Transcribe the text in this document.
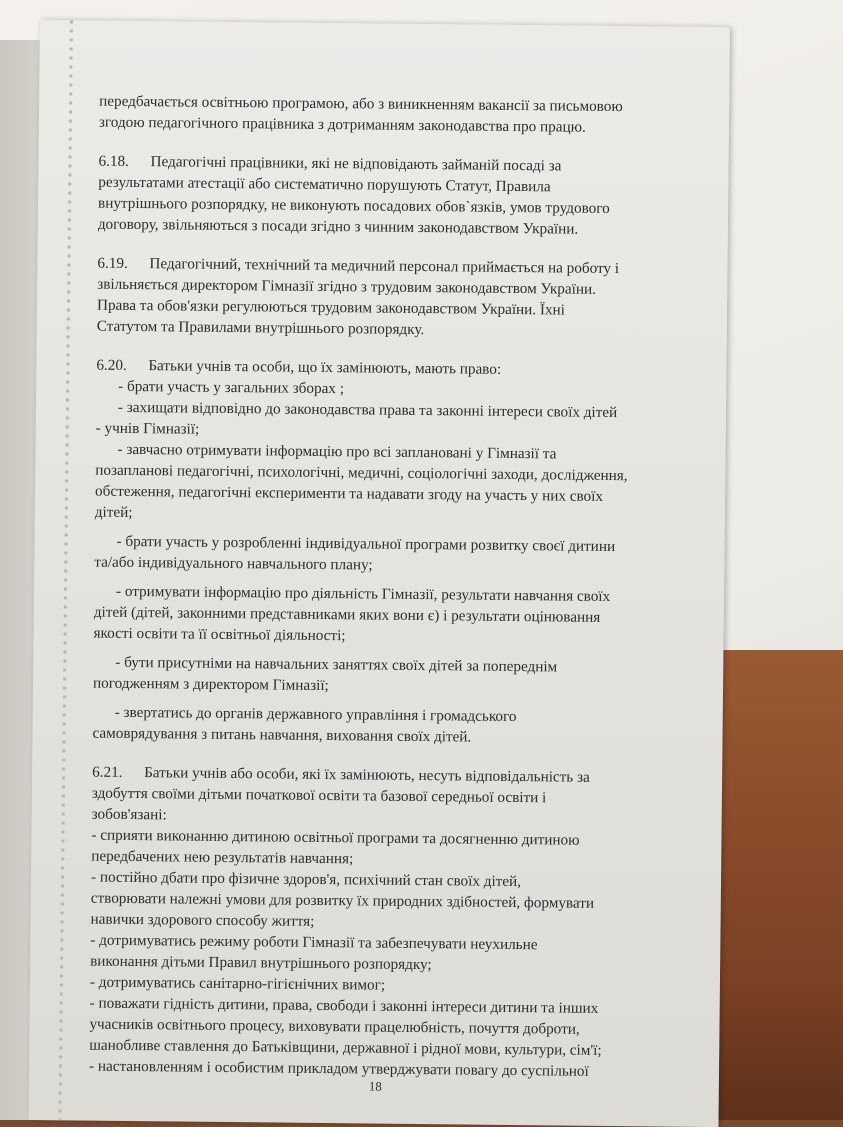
передбачається освітньою програмою, або з виникненням вакансії за письмовою
згодою педагогічного працівника з дотриманням законодавства про працю.
6.18. Педагогічні працівники, які не відповідають займаній посаді за
результатами атестації або систематично порушують Статут, Правила
внутрішнього розпорядку, не виконують посадових обов`язків, умов трудового
договору, звільняються з посади згідно з чинним законодавством України.
6.19. Педагогічний, технічний та медичний персонал приймається на роботу і
звільняється директором Гімназії згідно з трудовим законодавством України.
Права та обов'язки регулюються трудовим законодавством України. Їхні
Статутом та Правилами внутрішнього розпорядку.
6.20. Батьки учнів та особи, що їх замінюють, мають право:
- брати участь у загальних зборах ;
- захищати відповідно до законодавства права та законні інтереси своїх дітей
- учнів Гімназії;
- завчасно отримувати інформацію про всі заплановані у Гімназії та
позапланові педагогічні, психологічні, медичні, соціологічні заходи, дослідження,
обстеження, педагогічні експерименти та надавати згоду на участь у них своїх
дітей;
- брати участь у розробленні індивідуальної програми розвитку своєї дитини
та/або індивідуального навчального плану;
- отримувати інформацію про діяльність Гімназії, результати навчання своїх
дітей (дітей, законними представниками яких вони є) і результати оцінювання
якості освіти та її освітньої діяльності;
- бути присутніми на навчальних заняттях своїх дітей за попереднім
погодженням з директором Гімназії;
- звертатись до органів державного управління і громадського
самоврядування з питань навчання, виховання своїх дітей.
6.21. Батьки учнів або особи, які їх замінюють, несуть відповідальність за
здобуття своїми дітьми початкової освіти та базової середньої освіти і
зобов'язані:
- сприяти виконанню дитиною освітньої програми та досягненню дитиною
передбачених нею результатів навчання;
- постійно дбати про фізичне здоров'я, психічний стан своїх дітей,
створювати належні умови для розвитку їх природних здібностей, формувати
навички здорового способу життя;
- дотримуватись режиму роботи Гімназії та забезпечувати неухильне
виконання дітьми Правил внутрішнього розпорядку;
- дотримуватись санітарно-гігієнічних вимог;
- поважати гідність дитини, права, свободи і законні інтереси дитини та інших
учасників освітнього процесу, виховувати працелюбність, почуття доброти,
шанобливе ставлення до Батьківщини, державної і рідної мови, культури, сім'ї;
- настановленням і особистим прикладом утверджувати повагу до суспільної
18
